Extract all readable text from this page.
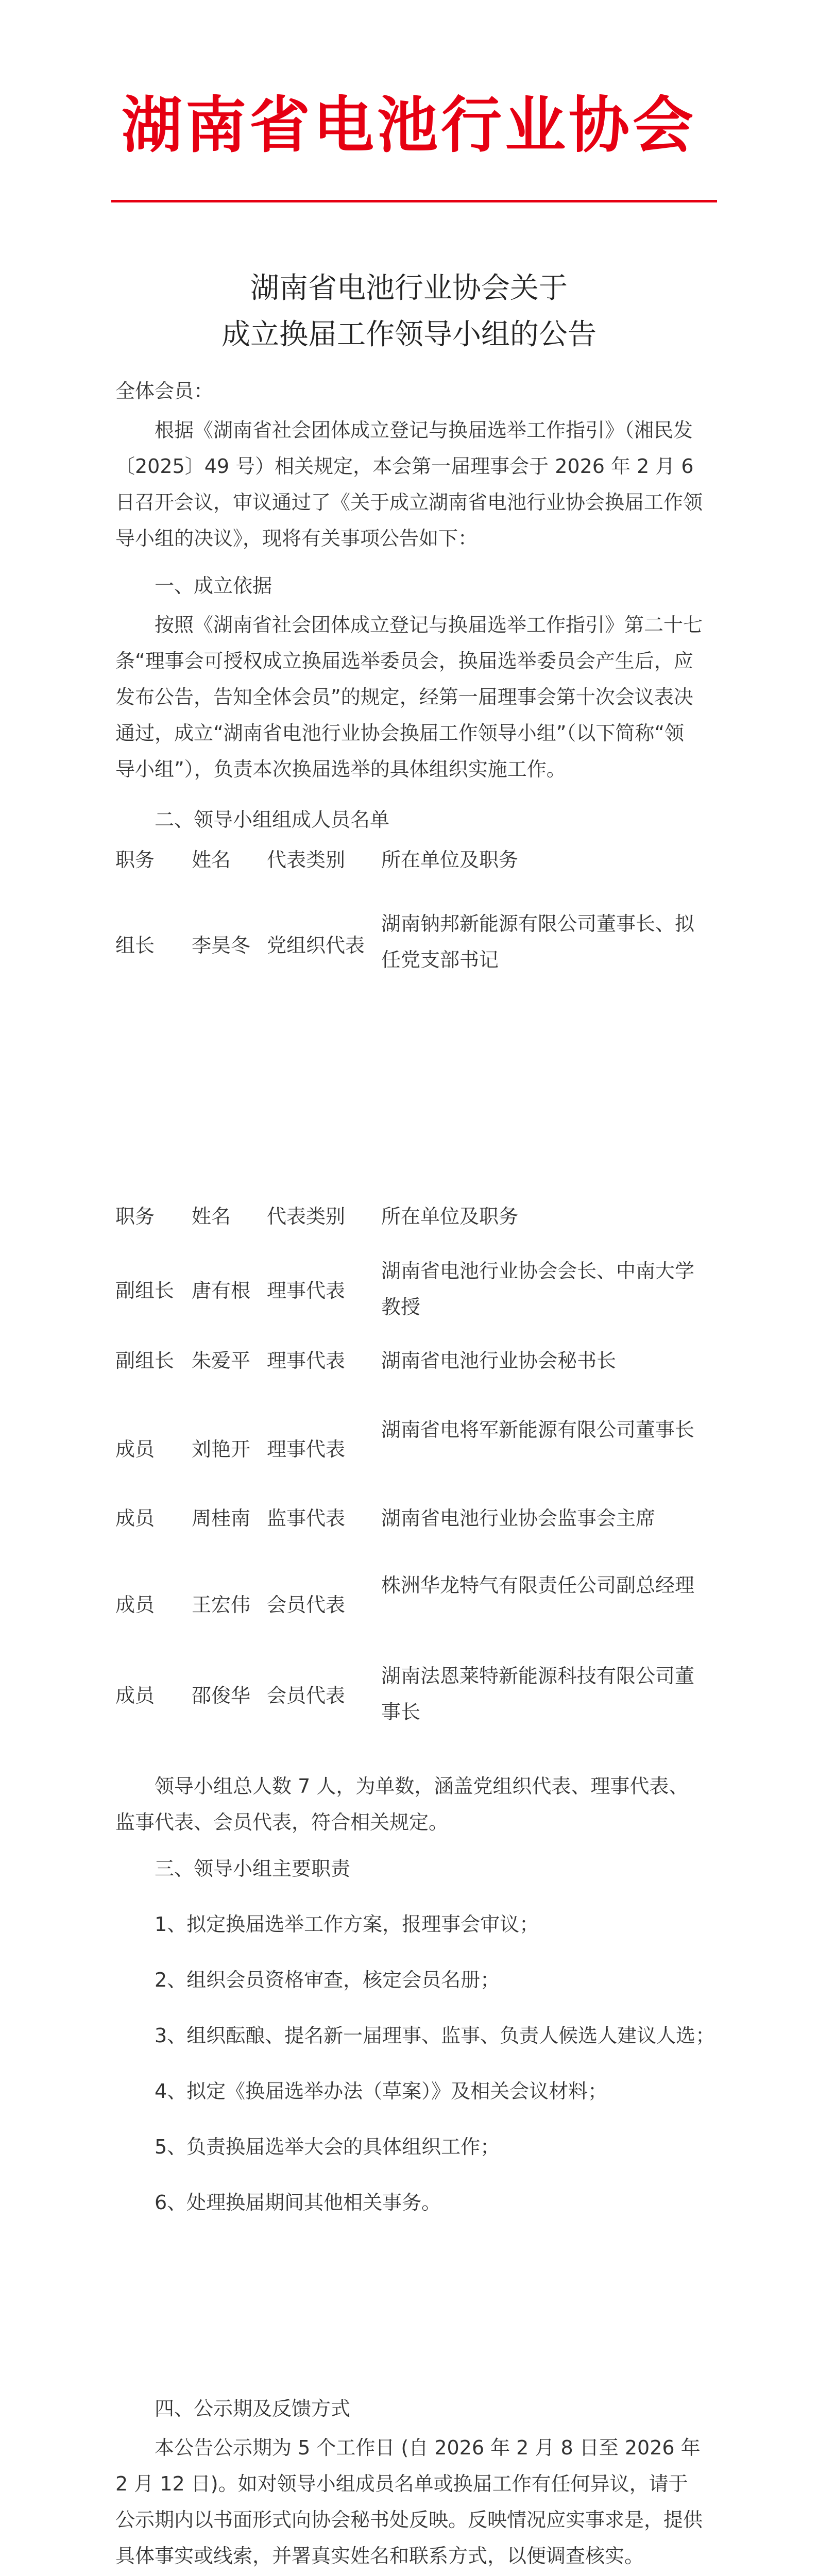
湖南省电池行业协会
湖南省电池行业协会关于
成立换届工作领导小组的公告

全体会员：

根据《湖南省社会团体成立登记与换届选举工作指引》（湘民发〔2025〕49 号）相关规定，本会第一届理事会于 2026 年 2 月 6 日召开会议，审议通过了《关于成立湖南省电池行业协会换届工作领导小组的决议》，现将有关事项公告如下：

一、成立依据

按照《湖南省社会团体成立登记与换届选举工作指引》第二十七条“理事会可授权成立换届选举委员会，换届选举委员会产生后，应发布公告，告知全体会员”的规定，经第一届理事会第十次会议表决通过，成立“湖南省电池行业协会换届工作领导小组”（以下简称“领导小组”），负责本次换届选举的具体组织实施工作。

二、领导小组组成人员名单

职务 姓名 代表类别 所在单位及职务
组长 李昊冬 党组织代表
湖南钠邦新能源有限公司董事长、拟任党支部书记
职务 姓名 代表类别 所在单位及职务
副组长 唐有根 理事代表
湖南省电池行业协会会长、中南大学教授
副组长 朱爱平 理事代表 湖南省电池行业协会秘书长
成员 刘艳开 理事代表
湖南省电将军新能源有限公司董事长
成员 周桂南 监事代表 湖南省电池行业协会监事会主席
成员 王宏伟 会员代表
株洲华龙特气有限责任公司副总经理
成员 邵俊华 会员代表
湖南法恩莱特新能源科技有限公司董事长

领导小组总人数 7 人，为单数，涵盖党组织代表、理事代表、监事代表、会员代表，符合相关规定。

三、领导小组主要职责

1、拟定换届选举工作方案，报理事会审议；

2、组织会员资格审查，核定会员名册；

3、组织酝酿、提名新一届理事、监事、负责人候选人建议人选；

4、拟定《换届选举办法（草案）》及相关会议材料；

5、负责换届选举大会的具体组织工作；

6、处理换届期间其他相关事务。

四、公示期及反馈方式

本公告公示期为 5 个工作日 (自 2026 年 2 月 8 日至 2026 年 2 月 12 日)。如对领导小组成员名单或换届工作有任何异议，请于公示期内以书面形式向协会秘书处反映。反映情况应实事求是，提供具体事实或线索，并署真实姓名和联系方式，以便调查核实。
